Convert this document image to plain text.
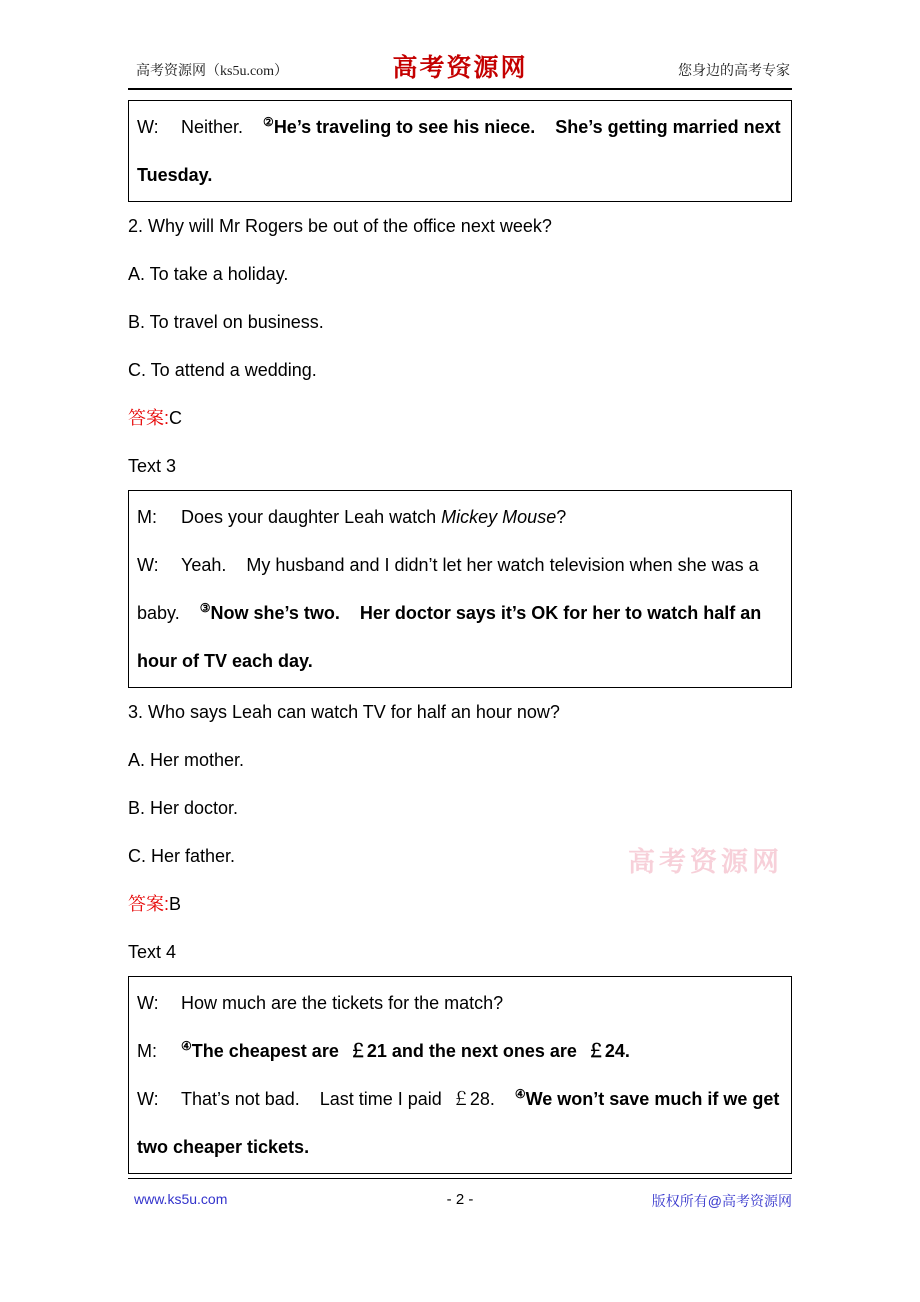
高考资源网
高考资源网（ks5u.com）	高考资源网	您身边的高考专家

W: Neither.    ②He’s traveling to see his niece.    She’s getting married next Tuesday.

2. Why will Mr Rogers be out of the office next week?

A. To take a holiday.

B. To travel on business.

C. To attend a wedding.

答案:C

Text 3

M: Does your daughter Leah watch Mickey Mouse?

W: Yeah.    My husband and I didn’t let her watch television when she was a baby.    ③Now she’s two.    Her doctor says it’s OK for her to watch half an hour of TV each day.

3. Who says Leah can watch TV for half an hour now?

A. Her mother.

B. Her doctor.

C. Her father.

答案:B

Text 4

W: How much are the tickets for the match?

M: ④The cheapest are  ￡21 and the next ones are  ￡24.

W: That’s not bad.    Last time I paid  ￡28.    ④We won’t save much if we get two cheaper tickets.

www.ks5u.com	- 2 -	版权所有@高考资源网
